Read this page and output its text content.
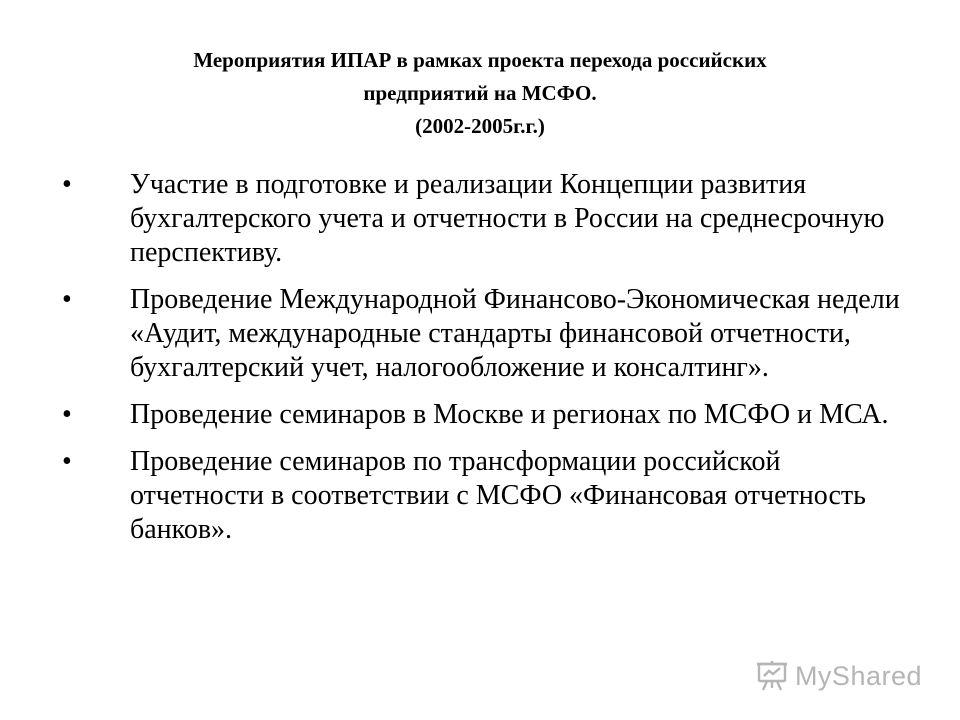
Мероприятия ИПАР в рамках проекта перехода российских
предприятий на МСФО.
(2002-2005г.г.)
• Участие в подготовке и реализации Концепции развития бухгалтерского учета и отчетности в России на среднесрочную перспективу.
• Проведение Международной Финансово-Экономическая недели «Аудит, международные стандарты финансовой отчетности, бухгалтерский учет, налогообложение и консалтинг».
• Проведение семинаров в Москве и регионах по МСФО и МСА.
• Проведение семинаров по трансформации российской отчетности в соответствии с МСФО «Финансовая отчетность банков».
MyShared
